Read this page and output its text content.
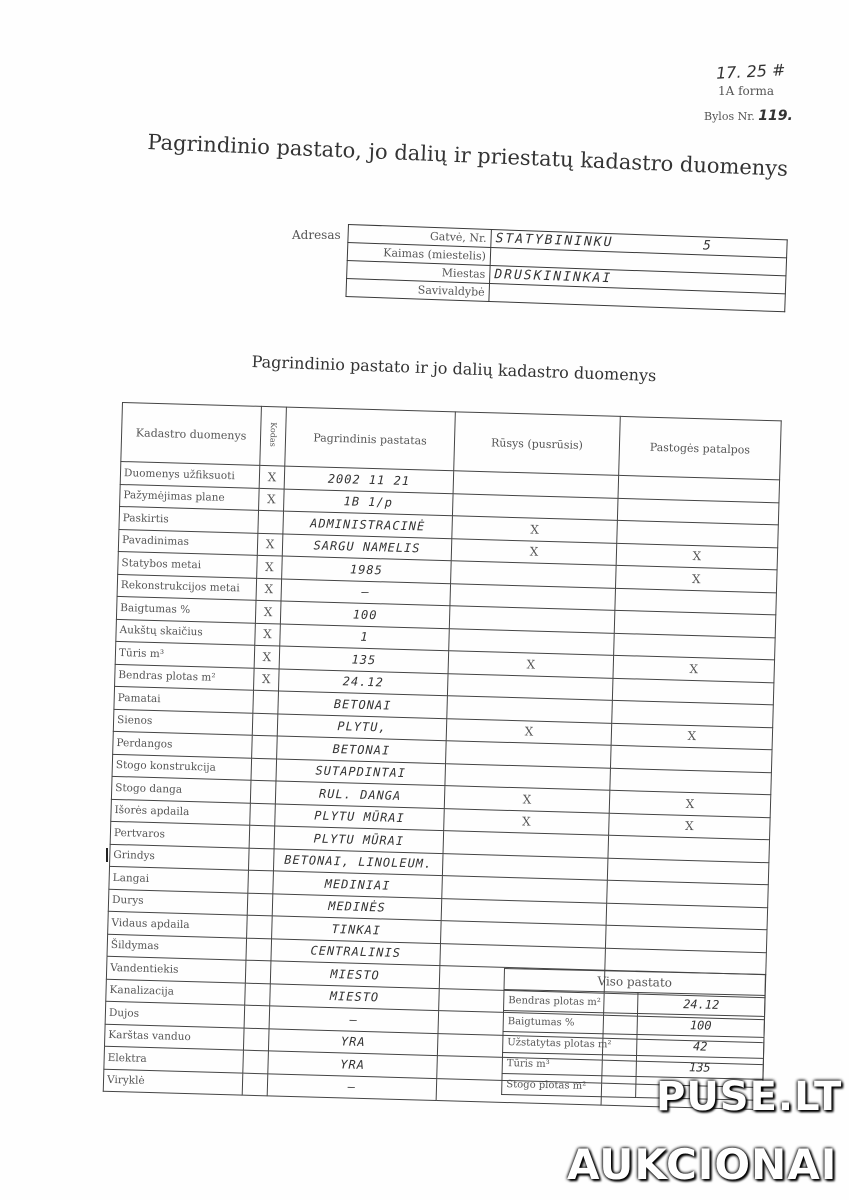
17. 25 #
1A forma
Bylos Nr. 119.
Pagrindinio pastato, jo dalių ir priestatų kadastro duomenys
Adresas	Gatvė, Nr.	STATYBININKU 5
Kaimas (miestelis)	
Miestas	DRUSKININKAI
Savivaldybė	
Pagrindinio pastato ir jo dalių kadastro duomenys
Kadastro duomenys	Kodas	Pagrindinis pastatas	Rūsys (pusrūsis)	Pastogės patalpos
Duomenys užfiksuoti	X	2002 11 21		
Pažymėjimas plane	X	1B 1/p		
Paskirtis		ADMINISTRACINĖ	X	
Pavadinimas	X	SARGU NAMELIS	X	X
Statybos metai	X	1985		X
Rekonstrukcijos metai	X	–		
Baigtumas %	X	100		
Aukštų skaičius	X	1		
Tūris m³	X	135	X	X
Bendras plotas m²	X	24.12		
Pamatai		BETONAI		
Sienos		PLYTU,	X	X
Perdangos		BETONAI		
Stogo konstrukcija		SUTAPDINTAI		
Stogo danga		RUL. DANGA	X	X
Išorės apdaila		PLYTU MŪRAI	X	X
Pertvaros		PLYTU MŪRAI		
Grindys		BETONAI, LINOLEUM.		
Langai		MEDINIAI		
Durys		MEDINĖS		
Vidaus apdaila		TINKAI		
Šildymas		CENTRALINIS		
Vandentiekis		MIESTO		
Kanalizacija		MIESTO		
Dujos		–		
Karštas vanduo		YRA		
Elektra		YRA		
Viryklė		–		
Viso pastato	
Bendras plotas m²	24.12
Baigtumas %	100
Užstatytas plotas m²	42
Tūris m³	135
Stogo plotas m²	PUSE.LT
AUKCIONAI
